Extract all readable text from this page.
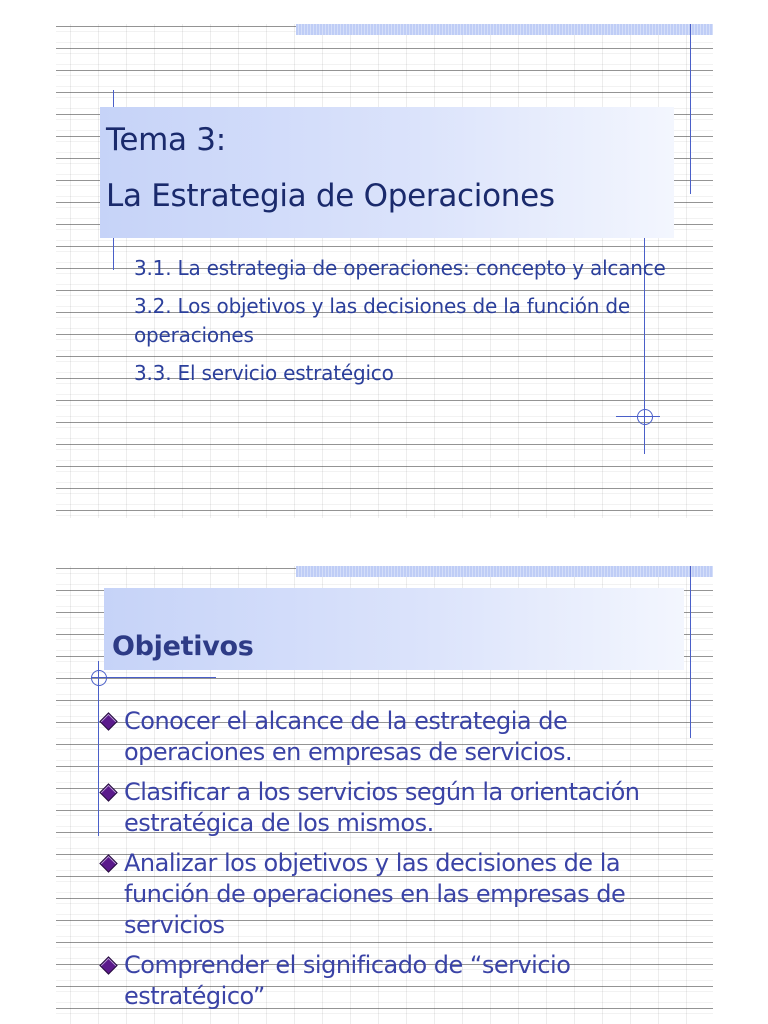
Tema 3:
La Estrategia de Operaciones
3.1. La estrategia de operaciones: concepto y alcance
3.2. Los objetivos y las decisiones de la función de operaciones
3.3. El servicio estratégico
Objetivos
Conocer el alcance de la estrategia de operaciones en empresas de servicios.
Clasificar a los servicios según la orientación estratégica de los mismos.
Analizar los objetivos y las decisiones de la función de operaciones en las empresas de servicios
Comprender el significado de “servicio estratégico”
